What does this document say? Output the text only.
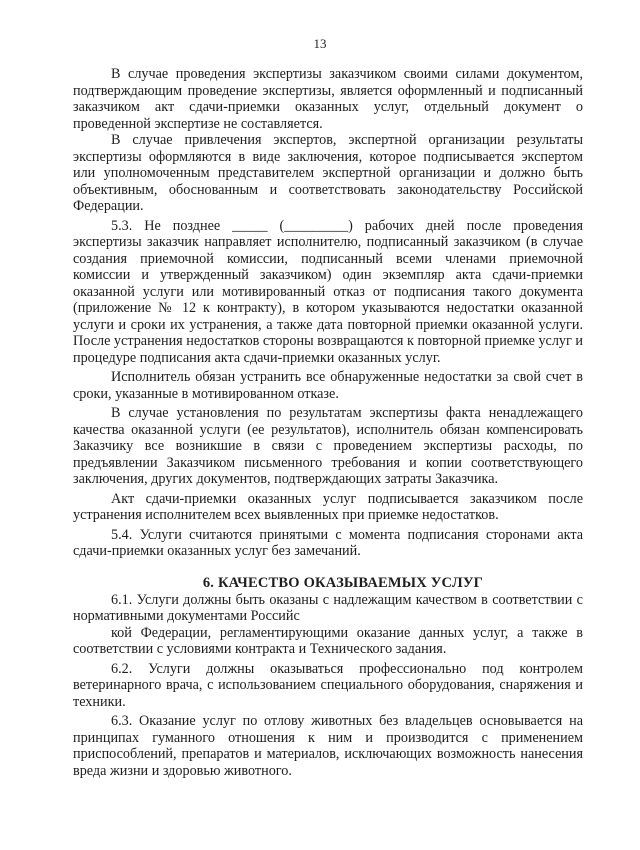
13

В случае проведения экспертизы заказчиком своими силами документом, подтверждающим проведение экспертизы, является оформленный и подписанный заказчиком акт сдачи-приемки оказанных услуг, отдельный документ о проведенной экспертизе не составляется.

В случае привлечения экспертов, экспертной организации результаты экспертизы оформляются в виде заключения, которое подписывается экспертом или уполномоченным представителем экспертной организации и должно быть объективным, обоснованным и соответствовать законодательству Российской Федерации.

5.3. Не позднее _____ (_________) рабочих дней после проведения экспертизы заказчик направляет исполнителю, подписанный заказчиком (в случае создания приемочной комиссии, подписанный всеми членами приемочной комиссии и утвержденный заказчиком) один экземпляр акта сдачи-приемки оказанной услуги или мотивированный отказ от подписания такого документа (приложение № 12 к контракту), в котором указываются недостатки оказанной услуги и сроки их устранения, а также дата повторной приемки оказанной услуги. После устранения недостатков стороны возвращаются к повторной приемке услуг и процедуре подписания акта сдачи-приемки оказанных услуг.

Исполнитель обязан устранить все обнаруженные недостатки за свой счет в сроки, указанные в мотивированном отказе.

В случае установления по результатам экспертизы факта ненадлежащего качества оказанной услуги (ее результатов), исполнитель обязан компенсировать Заказчику все возникшие в связи с проведением экспертизы расходы, по предъявлении Заказчиком письменного требования и копии соответствующего заключения, других документов, подтверждающих затраты Заказчика.

Акт сдачи-приемки оказанных услуг подписывается заказчиком после устранения исполнителем всех выявленных при приемке недостатков.

5.4. Услуги считаются принятыми с момента подписания сторонами акта сдачи-приемки оказанных услуг без замечаний.

6. КАЧЕСТВО ОКАЗЫВАЕМЫХ УСЛУГ

6.1. Услуги должны быть оказаны с надлежащим качеством в соответствии с нормативными документами Российс

кой Федерации, регламентирующими оказание данных услуг, а также в соответствии с условиями контракта и Технического задания.

6.2. Услуги должны оказываться профессионально под контролем ветеринарного врача, с использованием специального оборудования, снаряжения и техники.

6.3. Оказание услуг по отлову животных без владельцев основывается на принципах гуманного отношения к ним и производится с применением приспособлений, препаратов и материалов, исключающих возможность нанесения вреда жизни и здоровью животного.
